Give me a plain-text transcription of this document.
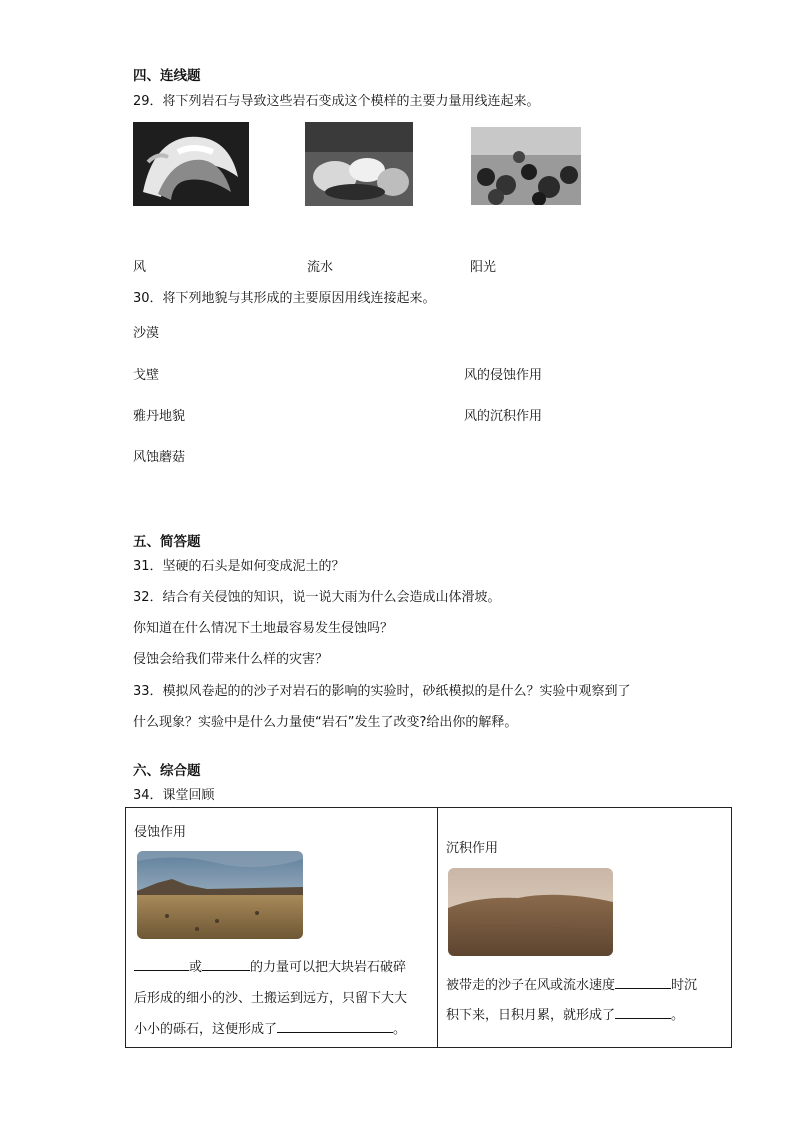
四、连线题
29．将下列岩石与导致这些岩石变成这个模样的主要力量用线连起来。
风	流水	阳光
30．将下列地貌与其形成的主要原因用线连接起来。
沙漠
戈壁
雅丹地貌
风蚀蘑菇
风的侵蚀作用
风的沉积作用
五、简答题
31．坚硬的石头是如何变成泥土的？
32．结合有关侵蚀的知识，说一说大雨为什么会造成山体滑坡。
你知道在什么情况下土地最容易发生侵蚀吗？
侵蚀会给我们带来什么样的灾害？
33．模拟风卷起的的沙子对岩石的影响的实验时，砂纸模拟的是什么？实验中观察到了
什么现象？实验中是什么力量使“岩石”发生了改变?给出你的解释。
六、综合题
34．课堂回顾
侵蚀作用
或	的力量可以把大块岩石破碎
后形成的细小的沙、土搬运到远方，只留下大大
小小的砾石，这便形成了	。

沉积作用
被带走的沙子在风或流水速度	时沉
积下来，日积月累，就形成了	。
